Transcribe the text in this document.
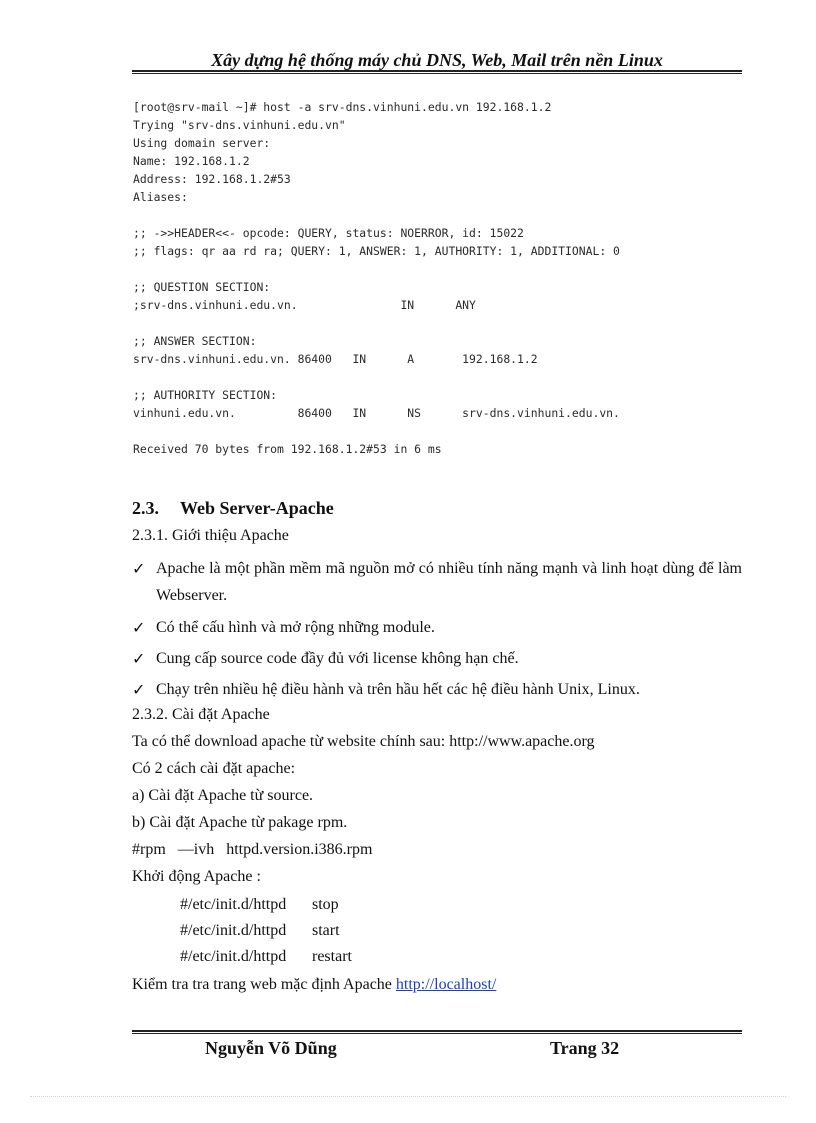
Xây dựng hệ thống máy chủ DNS, Web, Mail trên nền Linux
[root@srv-mail ~]# host -a srv-dns.vinhuni.edu.vn 192.168.1.2
Trying "srv-dns.vinhuni.edu.vn"
Using domain server:
Name: 192.168.1.2
Address: 192.168.1.2#53
Aliases:
;; ->>HEADER<<- opcode: QUERY, status: NOERROR, id: 15022
;; flags: qr aa rd ra; QUERY: 1, ANSWER: 1, AUTHORITY: 1, ADDITIONAL: 0
;; QUESTION SECTION:
;srv-dns.vinhuni.edu.vn.               IN      ANY
;; ANSWER SECTION:
srv-dns.vinhuni.edu.vn. 86400   IN      A       192.168.1.2
;; AUTHORITY SECTION:
vinhuni.edu.vn.         86400   IN      NS      srv-dns.vinhuni.edu.vn.
Received 70 bytes from 192.168.1.2#53 in 6 ms
2.3. Web Server-Apache
2.3.1. Giới thiệu Apache
✓ Apache là một phần mềm mã nguồn mở có nhiều tính năng mạnh và linh hoạt dùng để làm Webserver.
✓ Có thể cấu hình và mở rộng những module.
✓ Cung cấp source code đầy đủ với license không hạn chế.
✓ Chạy trên nhiều hệ điều hành và trên hầu hết các hệ điều hành Unix, Linux.
2.3.2. Cài đặt Apache
Ta có thể download apache từ website chính sau: http://www.apache.org
Có 2 cách cài đặt apache:
a) Cài đặt Apache từ source.
b) Cài đặt Apache từ pakage rpm.
#rpm   —ivh   httpd.version.i386.rpm
Khởi động Apache :
#/etc/init.d/httpd stop
#/etc/init.d/httpd start
#/etc/init.d/httpd restart
Kiểm tra tra trang web mặc định Apache http://localhost/
Nguyễn Võ Dũng	Trang 32
